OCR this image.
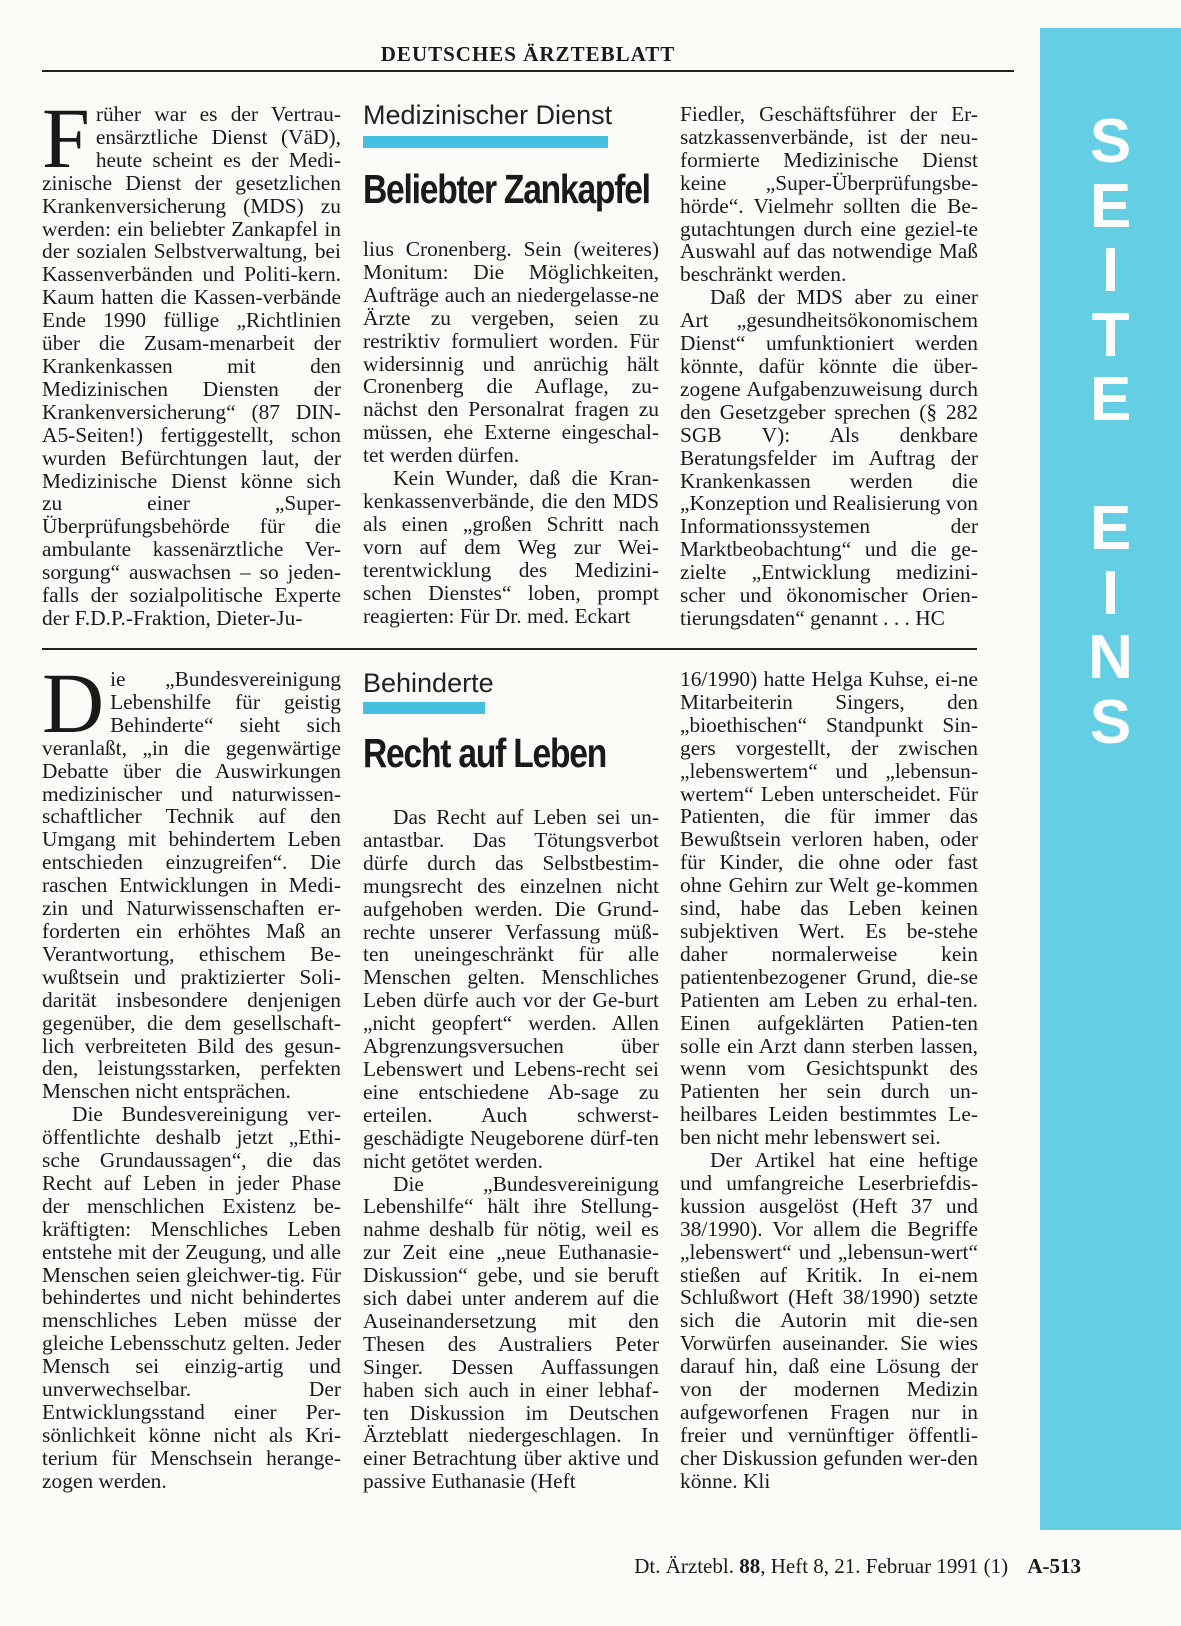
DEUTSCHES ÄRZTEBLATT
S
E
I
T
E

E
I
N
S

Früher war es der Vertrau-ensärztliche Dienst (VäD), heute scheint es der Medi-zinische Dienst der gesetzlichen Krankenversicherung (MDS) zu werden: ein beliebter Zankapfel in der sozialen Selbstverwaltung, bei Kassenverbänden und Politi-kern. Kaum hatten die Kassen-verbände Ende 1990 füllige „Richtlinien über die Zusam-menarbeit der Krankenkassen mit den Medizinischen Diensten der Krankenversicherung“ (87 DIN-A5-Seiten!) fertiggestellt, schon wurden Befürchtungen laut, der Medizinische Dienst könne sich zu einer „Super-Überprüfungsbehörde für die ambulante kassenärztliche Ver-sorgung“ auswachsen – so jeden-falls der sozialpolitische Experte der F.D.P.-Fraktion, Dieter-Ju-

Medizinischer Dienst
Beliebter Zankapfel

lius Cronenberg. Sein (weiteres) Monitum: Die Möglichkeiten, Aufträge auch an niedergelasse-ne Ärzte zu vergeben, seien zu restriktiv formuliert worden. Für widersinnig und anrüchig hält Cronenberg die Auflage, zu-nächst den Personalrat fragen zu müssen, ehe Externe eingeschal-tet werden dürfen.

Kein Wunder, daß die Kran-kenkassenverbände, die den MDS als einen „großen Schritt nach vorn auf dem Weg zur Wei-terentwicklung des Medizini-schen Dienstes“ loben, prompt reagierten: Für Dr. med. Eckart

Fiedler, Geschäftsführer der Er-satzkassenverbände, ist der neu-formierte Medizinische Dienst keine „Super-Überprüfungsbe-hörde“. Vielmehr sollten die Be-gutachtungen durch eine geziel-te Auswahl auf das notwendige Maß beschränkt werden.

Daß der MDS aber zu einer Art „gesundheitsökonomischem Dienst“ umfunktioniert werden könnte, dafür könnte die über-zogene Aufgabenzuweisung durch den Gesetzgeber sprechen (§ 282 SGB V): Als denkbare Beratungsfelder im Auftrag der Krankenkassen werden die „Konzeption und Realisierung von Informationssystemen der Marktbeobachtung“ und die ge-zielte „Entwicklung medizini-scher und ökonomischer Orien-tierungsdaten“ genannt . . . HC

Die „Bundesvereinigung Lebenshilfe für geistig Behinderte“ sieht sich veranlaßt, „in die gegenwärtige Debatte über die Auswirkungen medizinischer und naturwissen-schaftlicher Technik auf den Umgang mit behindertem Leben entschieden einzugreifen“. Die raschen Entwicklungen in Medi-zin und Naturwissenschaften er-forderten ein erhöhtes Maß an Verantwortung, ethischem Be-wußtsein und praktizierter Soli-darität insbesondere denjenigen gegenüber, die dem gesellschaft-lich verbreiteten Bild des gesun-den, leistungsstarken, perfekten Menschen nicht entsprächen.

Die Bundesvereinigung ver-öffentlichte deshalb jetzt „Ethi-sche Grundaussagen“, die das Recht auf Leben in jeder Phase der menschlichen Existenz be-kräftigten: Menschliches Leben entstehe mit der Zeugung, und alle Menschen seien gleichwer-tig. Für behindertes und nicht behindertes menschliches Leben müsse der gleiche Lebensschutz gelten. Jeder Mensch sei einzig-artig und unverwechselbar. Der Entwicklungsstand einer Per-sönlichkeit könne nicht als Kri-terium für Menschsein herange-zogen werden.

Behinderte
Recht auf Leben

Das Recht auf Leben sei un-antastbar. Das Tötungsverbot dürfe durch das Selbstbestim-mungsrecht des einzelnen nicht aufgehoben werden. Die Grund-rechte unserer Verfassung müß-ten uneingeschränkt für alle Menschen gelten. Menschliches Leben dürfe auch vor der Ge-burt „nicht geopfert“ werden. Allen Abgrenzungsversuchen über Lebenswert und Lebens-recht sei eine entschiedene Ab-sage zu erteilen. Auch schwerst-geschädigte Neugeborene dürf-ten nicht getötet werden.

Die „Bundesvereinigung Lebenshilfe“ hält ihre Stellung-nahme deshalb für nötig, weil es zur Zeit eine „neue Euthanasie-Diskussion“ gebe, und sie beruft sich dabei unter anderem auf die Auseinandersetzung mit den Thesen des Australiers Peter Singer. Dessen Auffassungen haben sich auch in einer lebhaf-ten Diskussion im Deutschen Ärzteblatt niedergeschlagen. In einer Betrachtung über aktive und passive Euthanasie (Heft

16/1990) hatte Helga Kuhse, ei-ne Mitarbeiterin Singers, den „bioethischen“ Standpunkt Sin-gers vorgestellt, der zwischen „lebenswertem“ und „lebensun-wertem“ Leben unterscheidet. Für Patienten, die für immer das Bewußtsein verloren haben, oder für Kinder, die ohne oder fast ohne Gehirn zur Welt ge-kommen sind, habe das Leben keinen subjektiven Wert. Es be-stehe daher normalerweise kein patientenbezogener Grund, die-se Patienten am Leben zu erhal-ten. Einen aufgeklärten Patien-ten solle ein Arzt dann sterben lassen, wenn vom Gesichtspunkt des Patienten her sein durch un-heilbares Leiden bestimmtes Le-ben nicht mehr lebenswert sei.

Der Artikel hat eine heftige und umfangreiche Leserbriefdis-kussion ausgelöst (Heft 37 und 38/1990). Vor allem die Begriffe „lebenswert“ und „lebensun-wert“ stießen auf Kritik. In ei-nem Schlußwort (Heft 38/1990) setzte sich die Autorin mit die-sen Vorwürfen auseinander. Sie wies darauf hin, daß eine Lösung der von der modernen Medizin aufgeworfenen Fragen nur in freier und vernünftiger öffentli-cher Diskussion gefunden wer-den könne. Kli

Dt. Ärztebl. 88, Heft 8, 21. Februar 1991 (1) A-513
